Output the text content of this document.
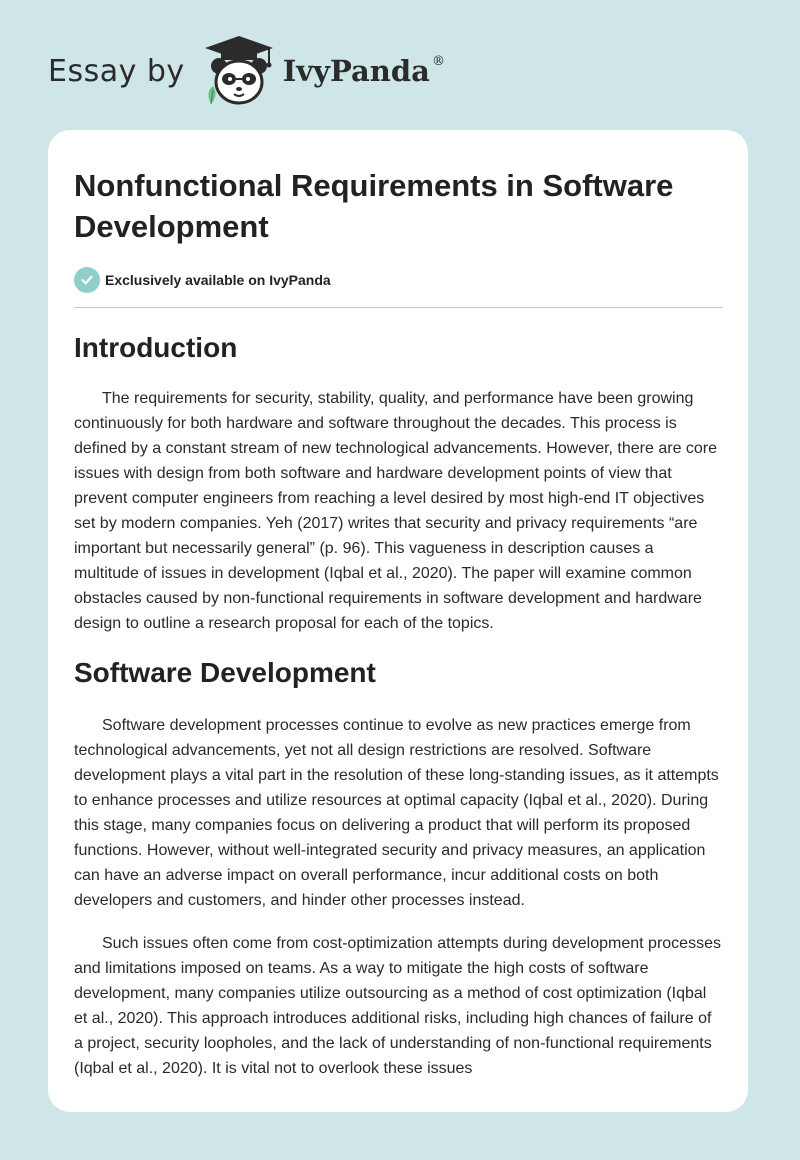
Essay by	IvyPanda ®
Nonfunctional Requirements in Software Development
Exclusively available on IvyPanda
Introduction

The requirements for security, stability, quality, and performance have been growing continuously for both hardware and software throughout the decades. This process is defined by a constant stream of new technological advancements. However, there are core issues with design from both software and hardware development points of view that prevent computer engineers from reaching a level desired by most high-end IT objectives set by modern companies. Yeh (2017) writes that security and privacy requirements “are important but necessarily general” (p. 96). This vagueness in description causes a multitude of issues in development (Iqbal et al., 2020). The paper will examine common obstacles caused by non-functional requirements in software development and hardware design to outline a research proposal for each of the topics.

Software Development

Software development processes continue to evolve as new practices emerge from technological advancements, yet not all design restrictions are resolved. Software development plays a vital part in the resolution of these long-standing issues, as it attempts to enhance processes and utilize resources at optimal capacity (Iqbal et al., 2020). During this stage, many companies focus on delivering a product that will perform its proposed functions. However, without well-integrated security and privacy measures, an application can have an adverse impact on overall performance, incur additional costs on both developers and customers, and hinder other processes instead.

Such issues often come from cost-optimization attempts during development processes and limitations imposed on teams. As a way to mitigate the high costs of software development, many companies utilize outsourcing as a method of cost optimization (Iqbal et al., 2020). This approach introduces additional risks, including high chances of failure of a project, security loopholes, and the lack of understanding of non-functional requirements (Iqbal et al., 2020). It is vital not to overlook these issues
